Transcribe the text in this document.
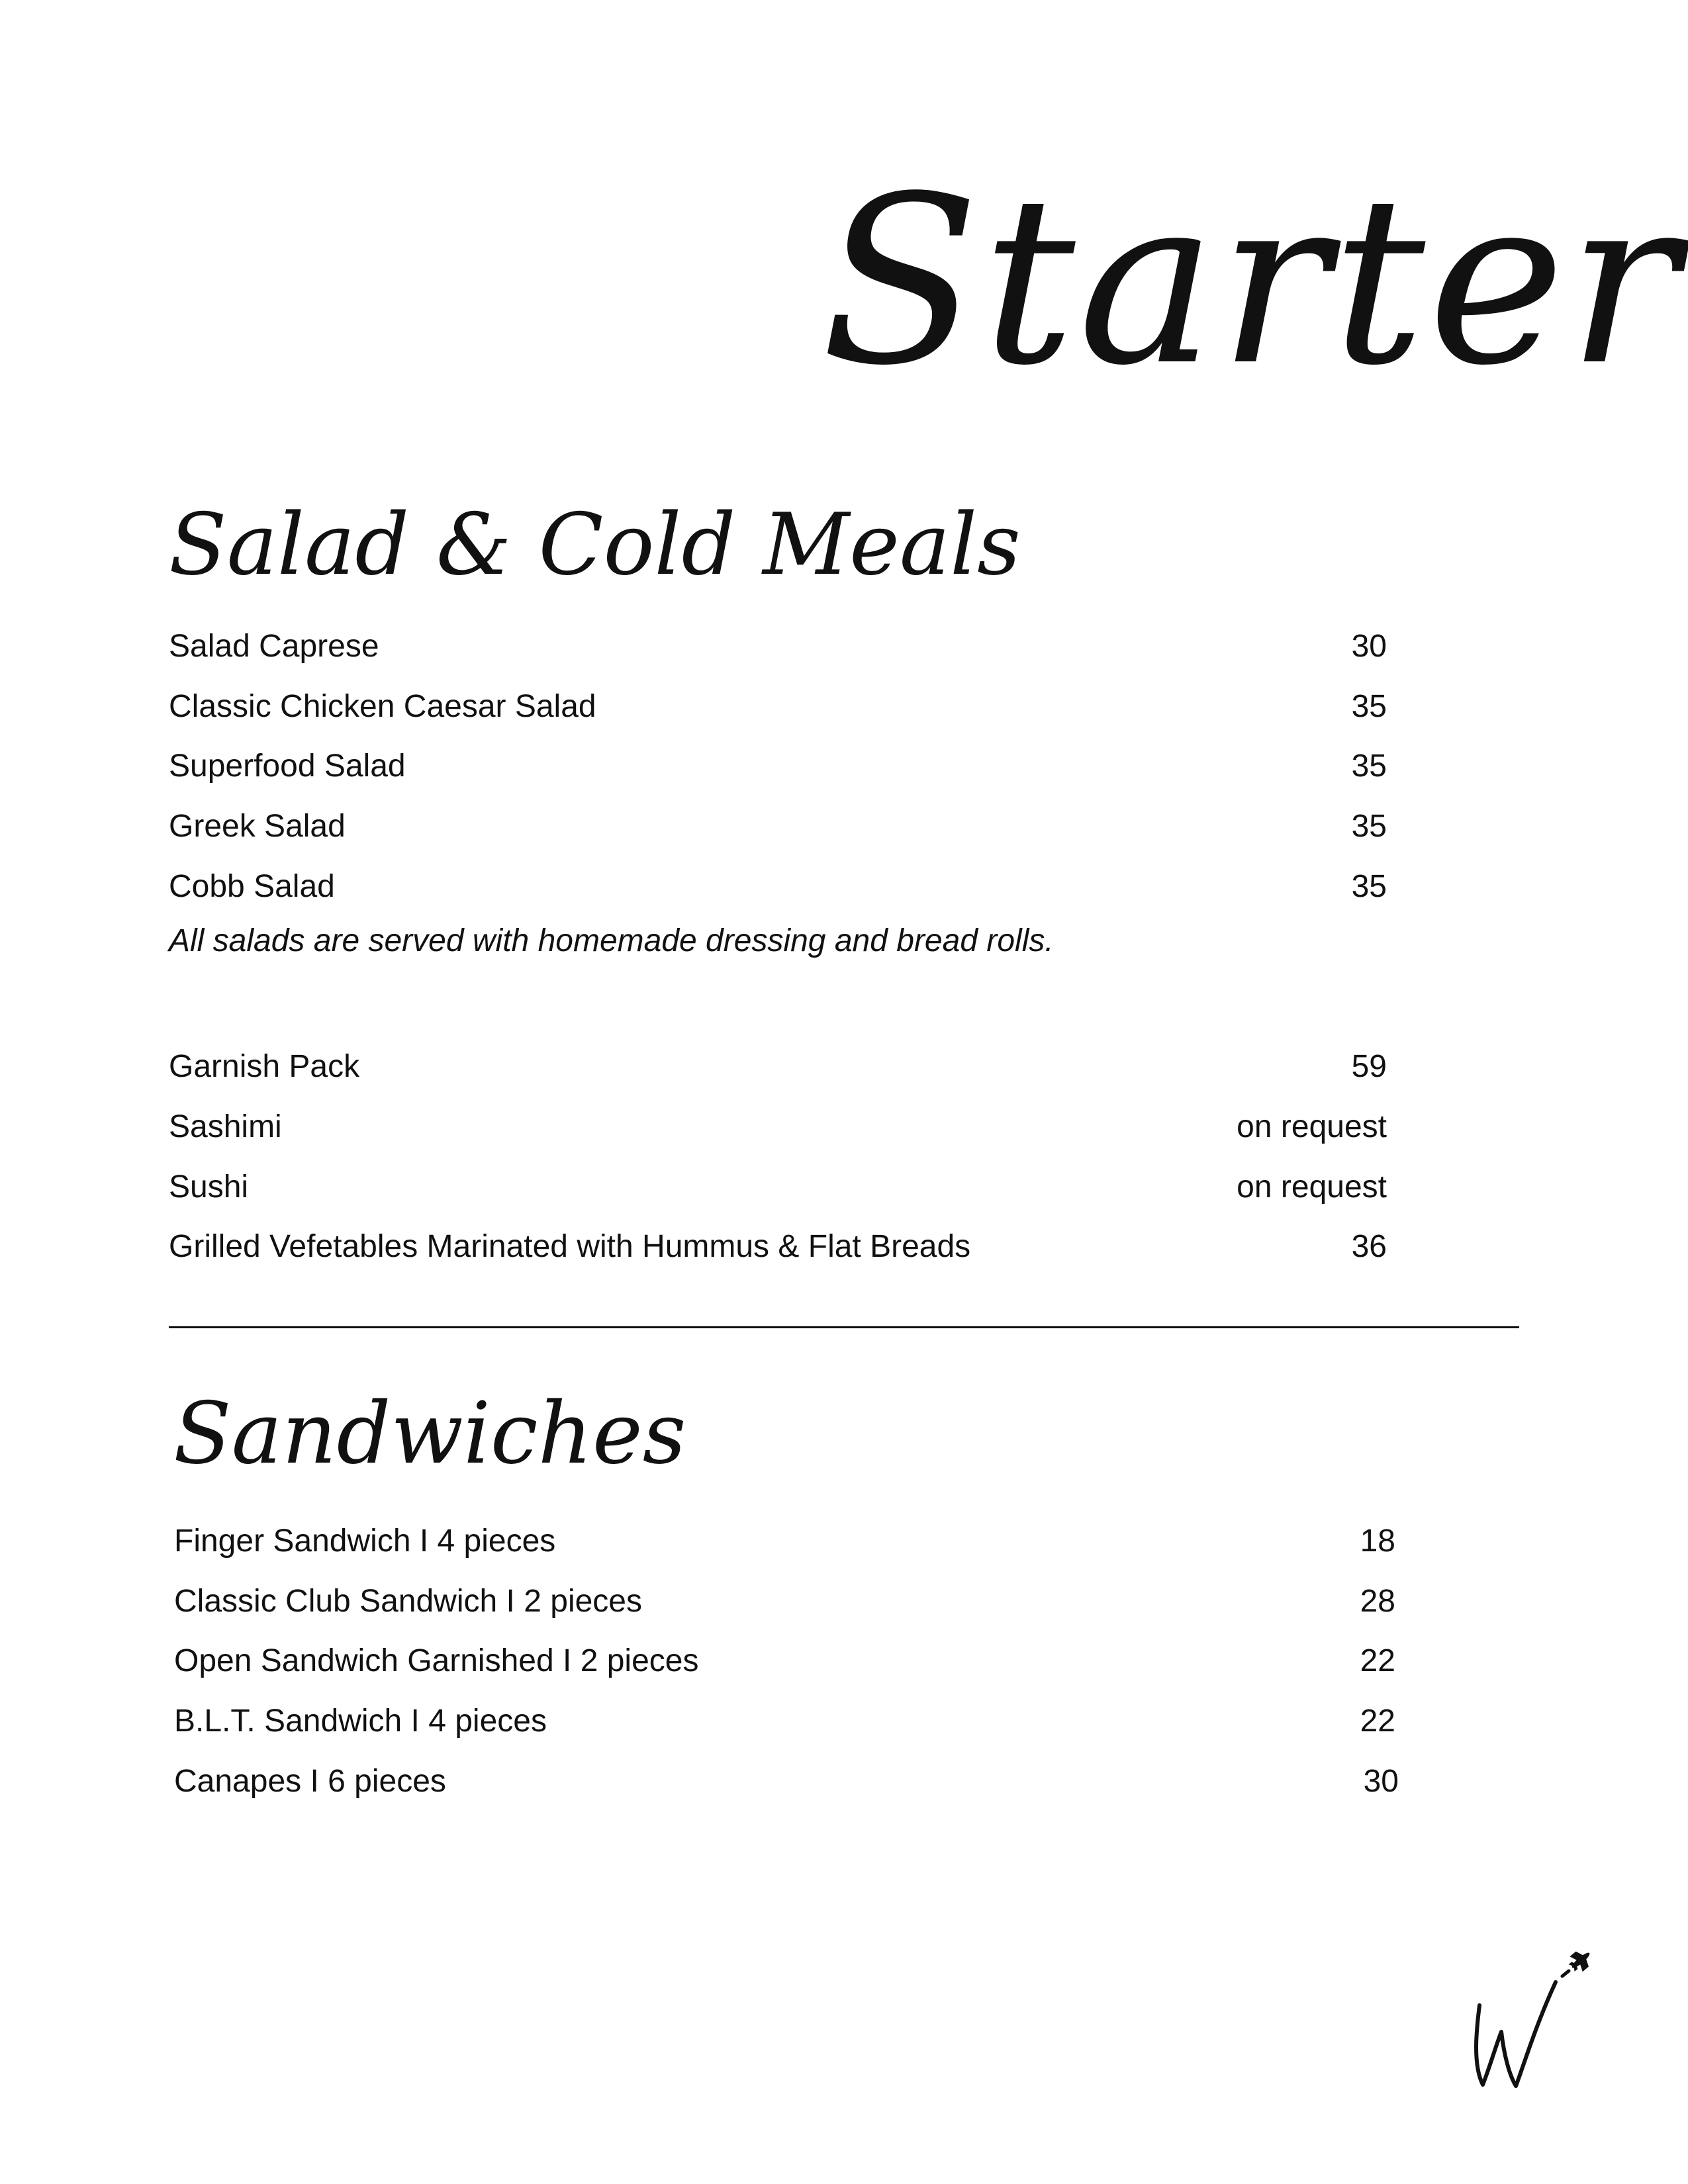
Starter
Salad & Cold Meals
Salad Caprese	30
Classic Chicken Caesar Salad	35
Superfood Salad	35
Greek Salad	35
Cobb Salad	35
All salads are served with homemade dressing and bread rolls.
Garnish Pack	59
Sashimi	on request
Sushi	on request
Grilled Vefetables Marinated with Hummus & Flat Breads	36
Sandwiches
Finger Sandwich I 4 pieces	18
Classic Club Sandwich I 2 pieces	28
Open Sandwich Garnished I 2 pieces	22
B.L.T. Sandwich I 4 pieces	22
Canapes I 6 pieces	30
